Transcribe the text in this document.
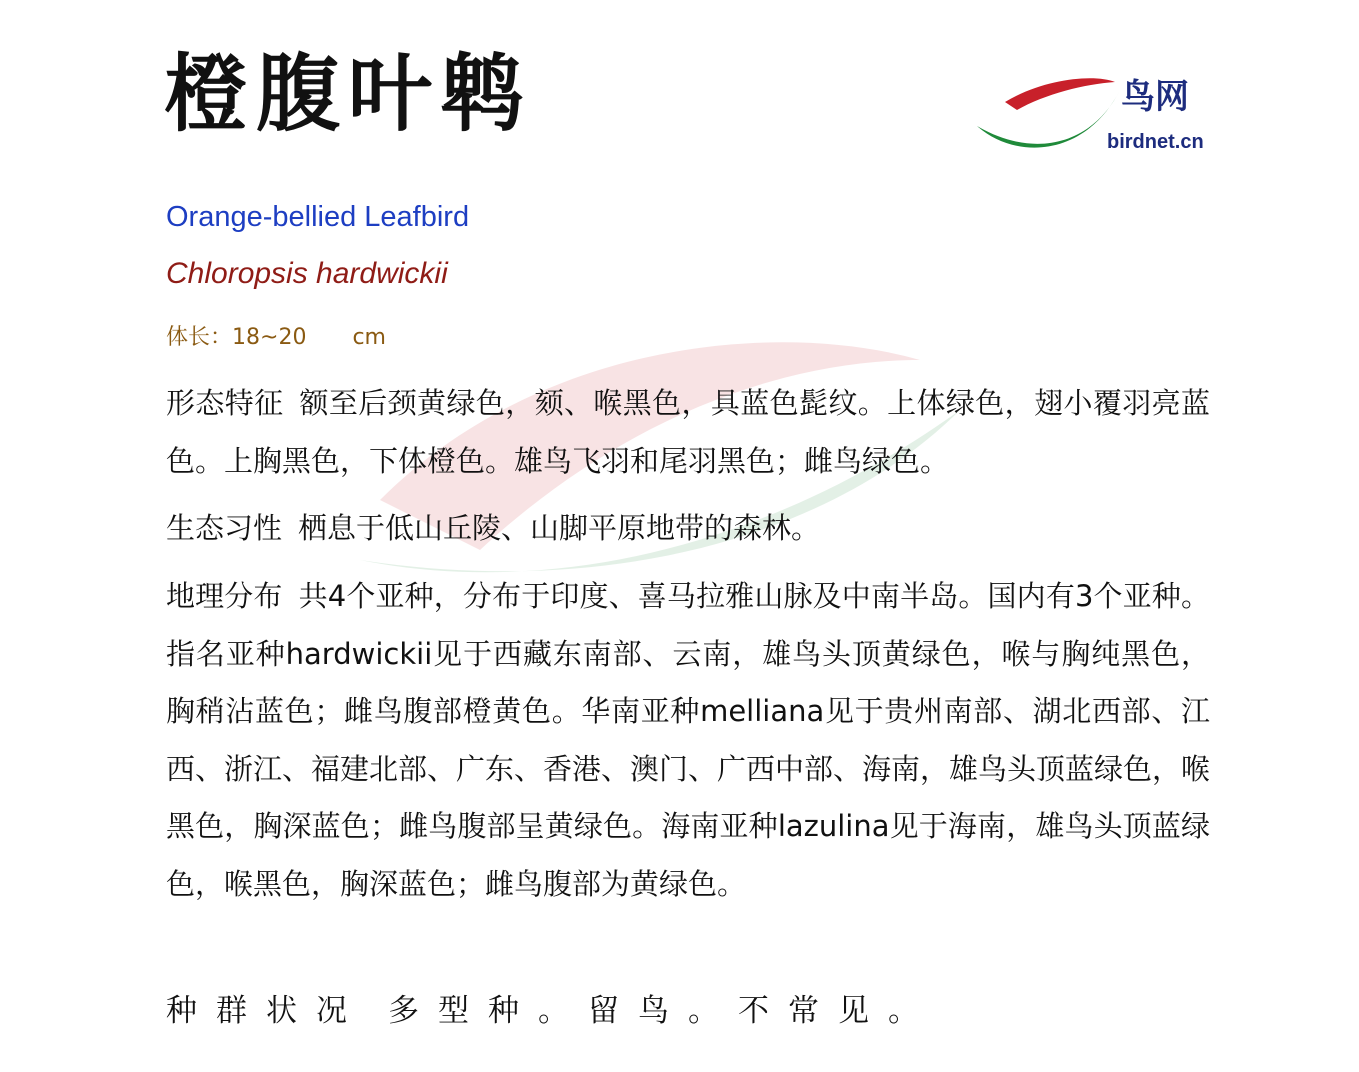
橙腹叶鹎	鸟网
birdnet.cn

Orange-bellied Leafbird

Chloropsis hardwickii

体长：18~20 cm

形态特征 额至后颈黄绿色，颏、喉黑色，具蓝色髭纹。上体绿色，翅小覆羽亮蓝色。上胸黑色，下体橙色。雄鸟飞羽和尾羽黑色；雌鸟绿色。

生态习性 栖息于低山丘陵、山脚平原地带的森林。

地理分布 共4个亚种，分布于印度、喜马拉雅山脉及中南半岛。国内有3个亚种。指名亚种hardwickii见于西藏东南部、云南，雄鸟头顶黄绿色，喉与胸纯黑色，胸稍沾蓝色；雌鸟腹部橙黄色。华南亚种melliana见于贵州南部、湖北西部、江西、浙江、福建北部、广东、香港、澳门、广西中部、海南，雄鸟头顶蓝绿色，喉黑色，胸深蓝色；雌鸟腹部呈黄绿色。海南亚种lazulina见于海南，雄鸟头顶蓝绿色，喉黑色，胸深蓝色；雌鸟腹部为黄绿色。

种群状况 多型种。留鸟。不常见。
